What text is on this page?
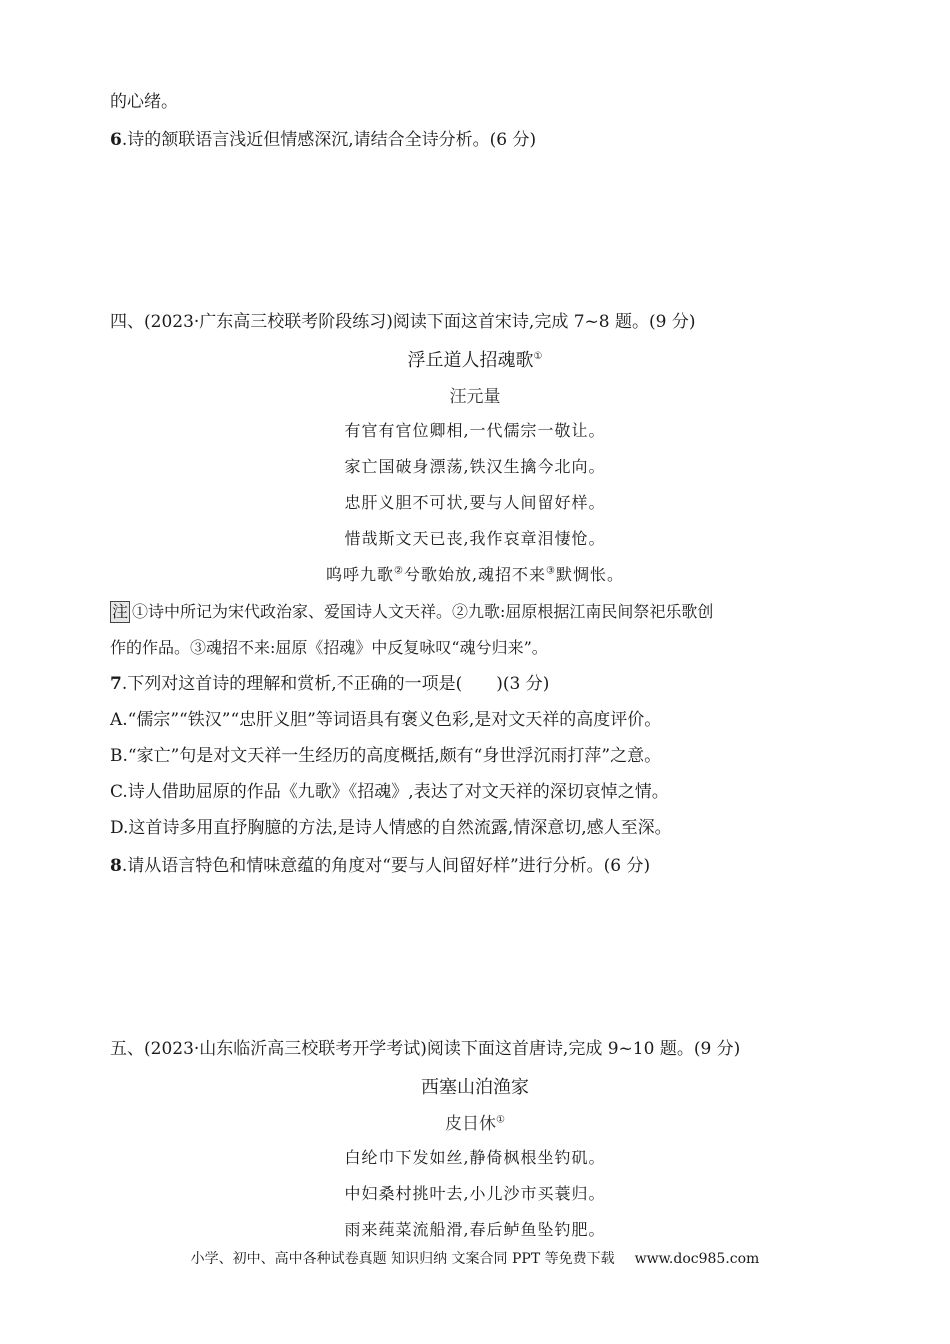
的心绪。
6.诗的颔联语言浅近但情感深沉,请结合全诗分析。(6 分)
四、(2023·广东高三校联考阶段练习)阅读下面这首宋诗,完成 7~8 题。(9 分)
浮丘道人招魂歌①
汪元量
有官有官位卿相,一代儒宗一敬让。
家亡国破身漂荡,铁汉生擒今北向。
忠肝义胆不可状,要与人间留好样。
惜哉斯文天已丧,我作哀章泪悽怆。
呜呼九歌②兮歌始放,魂招不来③默惆怅。
注 ①诗中所记为宋代政治家、爱国诗人文天祥。②九歌:屈原根据江南民间祭祀乐歌创
作的作品。③魂招不来:屈原《招魂》中反复咏叹“魂兮归来”。
7.下列对这首诗的理解和赏析,不正确的一项是( )(3 分)
A.“儒宗”“铁汉”“忠肝义胆”等词语具有褒义色彩,是对文天祥的高度评价。
B.“家亡”句是对文天祥一生经历的高度概括,颇有“身世浮沉雨打萍”之意。
C.诗人借助屈原的作品《九歌》《招魂》,表达了对文天祥的深切哀悼之情。
D.这首诗多用直抒胸臆的方法,是诗人情感的自然流露,情深意切,感人至深。
8.请从语言特色和情味意蕴的角度对“要与人间留好样”进行分析。(6 分)
五、(2023·山东临沂高三校联考开学考试)阅读下面这首唐诗,完成 9~10 题。(9 分)
西塞山泊渔家
皮日休①
白纶巾下发如丝,静倚枫根坐钓矶。
中妇桑村挑叶去,小儿沙市买蓑归。
雨来莼菜流船滑,春后鲈鱼坠钓肥。
小学、初中、高中各种试卷真题 知识归纳 文案合同 PPT 等免费下载 www.doc985.com
